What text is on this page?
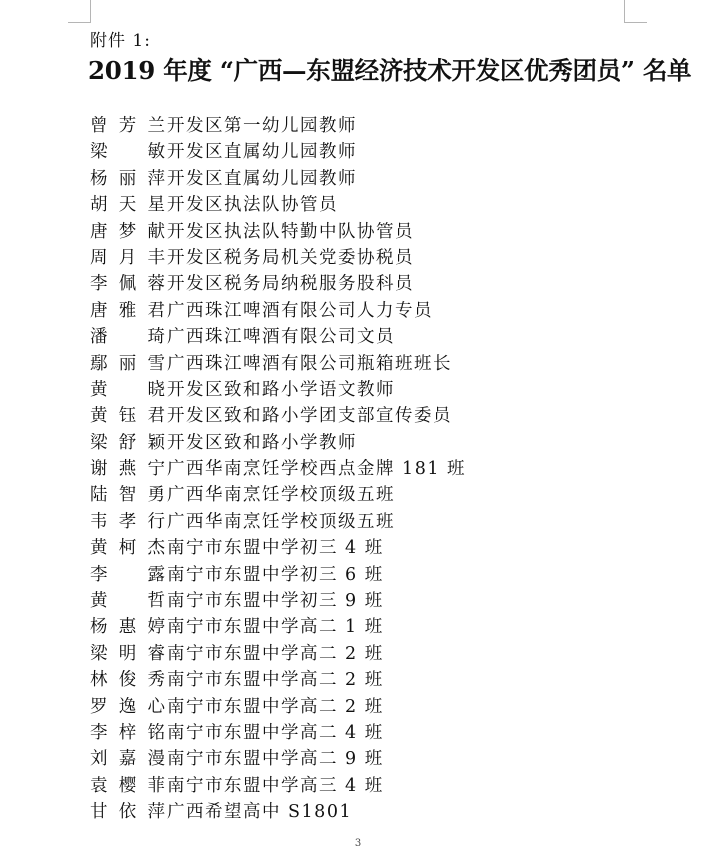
附件 1:
2019 年度 “广西—东盟经济技术开发区优秀团员” 名单
曾芳兰 开发区第一幼儿园教师
梁 敏 开发区直属幼儿园教师
杨丽萍 开发区直属幼儿园教师
胡天星 开发区执法队协管员
唐梦献 开发区执法队特勤中队协管员
周月丰 开发区税务局机关党委协税员
李佩蓉 开发区税务局纳税服务股科员
唐雅君 广西珠江啤酒有限公司人力专员
潘 琦 广西珠江啤酒有限公司文员
鄢丽雪 广西珠江啤酒有限公司瓶箱班班长
黄 晓 开发区致和路小学语文教师
黄钰君 开发区致和路小学团支部宣传委员
梁舒颖 开发区致和路小学教师
谢燕宁 广西华南烹饪学校西点金牌 181 班
陆智勇 广西华南烹饪学校顶级五班
韦孝行 广西华南烹饪学校顶级五班
黄柯杰 南宁市东盟中学初三 4 班
李 露 南宁市东盟中学初三 6 班
黄 哲 南宁市东盟中学初三 9 班
杨惠婷 南宁市东盟中学高二 1 班
梁明睿 南宁市东盟中学高二 2 班
林俊秀 南宁市东盟中学高二 2 班
罗逸心 南宁市东盟中学高二 2 班
李梓铭 南宁市东盟中学高二 4 班
刘嘉漫 南宁市东盟中学高二 9 班
袁樱菲 南宁市东盟中学高三 4 班
甘依萍 广西希望高中 S1801
3
